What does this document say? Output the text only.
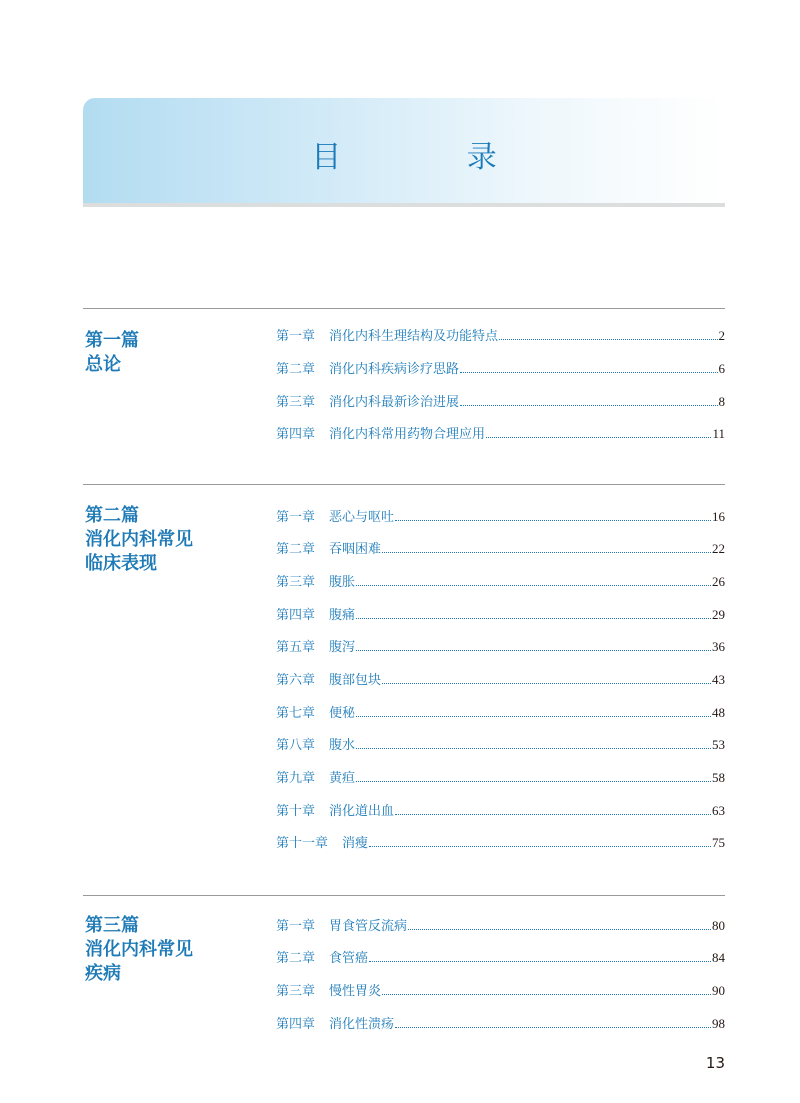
目 录
第一篇
总论
第一章 消化内科生理结构及功能特点	2
第二章 消化内科疾病诊疗思路	6
第三章 消化内科最新诊治进展	8
第四章 消化内科常用药物合理应用	11
第二篇
消化内科常见
临床表现
第一章 恶心与呕吐	16
第二章 吞咽困难	22
第三章 腹胀	26
第四章 腹痛	29
第五章 腹泻	36
第六章 腹部包块	43
第七章 便秘	48
第八章 腹水	53
第九章 黄疸	58
第十章 消化道出血	63
第十一章 消瘦	75
第三篇
消化内科常见
疾病
第一章 胃食管反流病	80
第二章 食管癌	84
第三章 慢性胃炎	90
第四章 消化性溃疡	98
13
